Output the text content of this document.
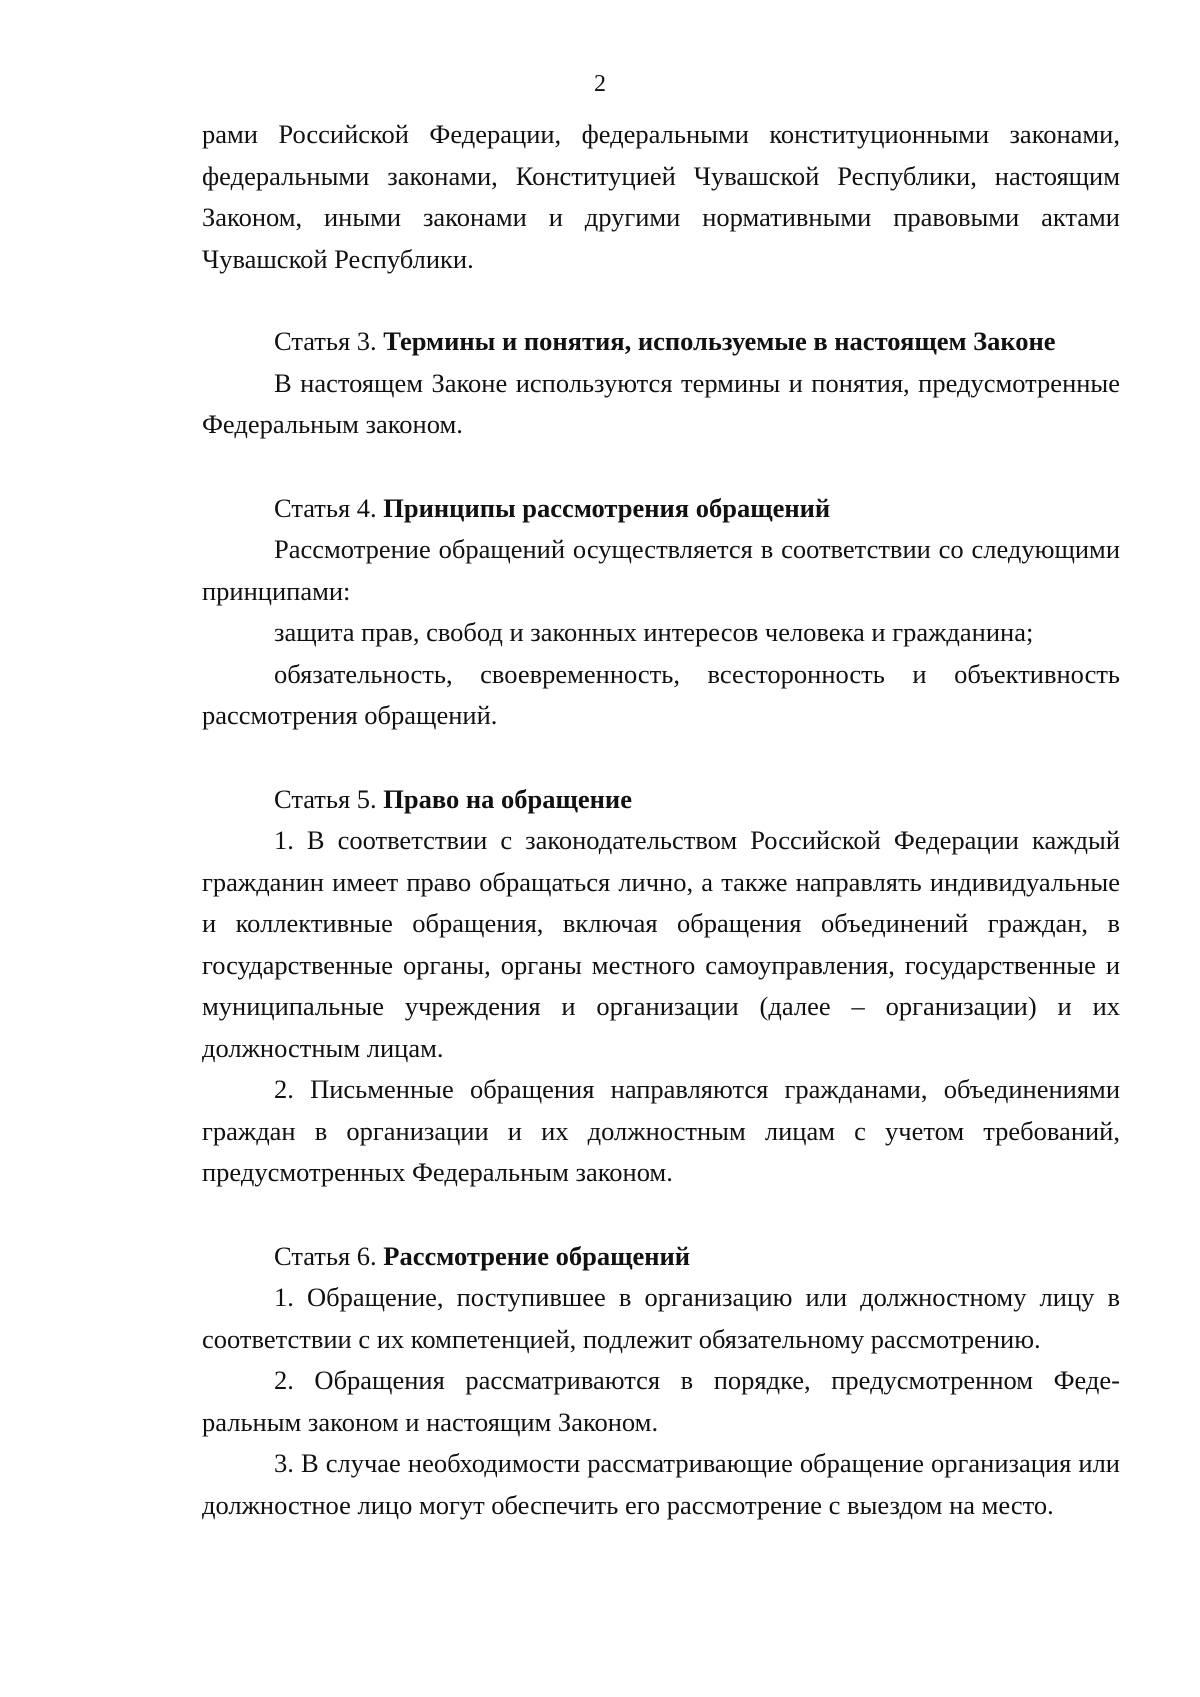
2

рами Российской Федерации, федеральными конституционными законами, федеральными законами, Конституцией Чувашской Республики, настоящим Законом, иными законами и другими нормативными правовыми актами Чувашской Республики.

Статья 3. Термины и понятия, используемые в настоящем Законе

В настоящем Законе используются термины и понятия, предусмотренные Федеральным законом.

Статья 4. Принципы рассмотрения обращений

Рассмотрение обращений осуществляется в соответствии со следующими принципами:

защита прав, свобод и законных интересов человека и гражданина;

обязательность, своевременность, всесторонность и объективность рассмотрения обращений.

Статья 5. Право на обращение

1. В соответствии с законодательством Российской Федерации каждый гражданин имеет право обращаться лично, а также направлять индивидуальные и коллективные обращения, включая обращения объединений граждан, в государственные органы, органы местного самоуправления, государственные и муниципальные учреждения и организации (далее – организации) и их должностным лицам.

2. Письменные обращения направляются гражданами, объединениями граждан в организации и их должностным лицам с учетом требований, предусмотренных Федеральным законом.

Статья 6. Рассмотрение обращений

1. Обращение, поступившее в организацию или должностному лицу в соответствии с их компетенцией, подлежит обязательному рассмотрению.

2. Обращения рассматриваются в порядке, предусмотренном Федеральным законом и настоящим Законом.

3. В случае необходимости рассматривающие обращение организация или должностное лицо могут обеспечить его рассмотрение с выездом на место.
